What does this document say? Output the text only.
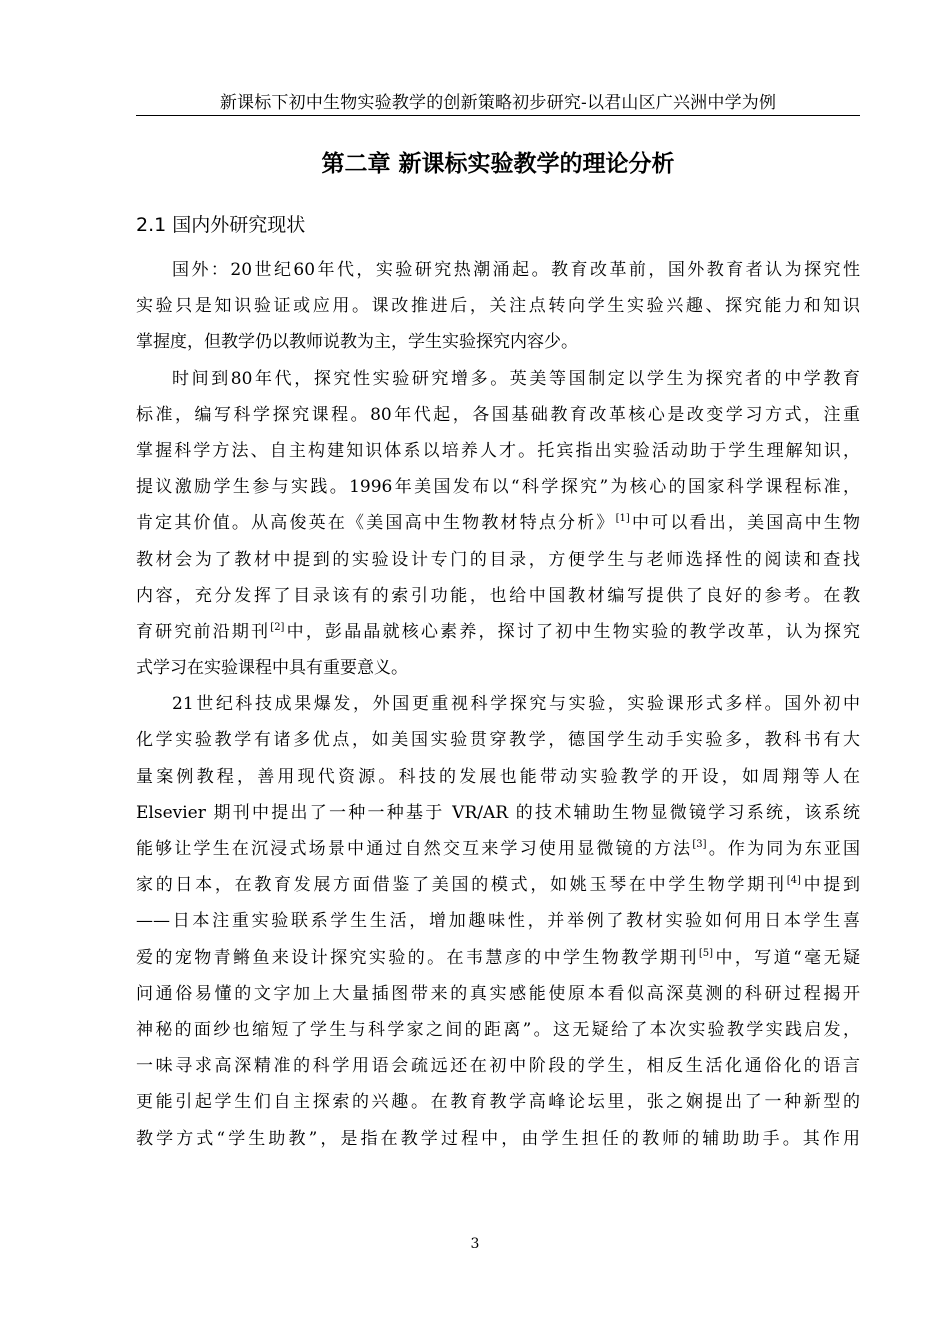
新课标下初中生物实验教学的创新策略初步研究-以君山区广兴洲中学为例
第二章 新课标实验教学的理论分析
2.1 国内外研究现状
国外：20世纪60年代，实验研究热潮涌起。教育改革前，国外教育者认为探究性
实验只是知识验证或应用。课改推进后，关注点转向学生实验兴趣、探究能力和知识
掌握度，但教学仍以教师说教为主，学生实验探究内容少。
时间到80年代，探究性实验研究增多。英美等国制定以学生为探究者的中学教育
标准，编写科学探究课程。80年代起，各国基础教育改革核心是改变学习方式，注重
掌握科学方法、自主构建知识体系以培养人才。托宾指出实验活动助于学生理解知识，
提议激励学生参与实践。1996年美国发布以“科学探究”为核心的国家科学课程标准，
肯定其价值。从高俊英在《美国高中生物教材特点分析》[1]中可以看出，美国高中生物
教材会为了教材中提到的实验设计专门的目录，方便学生与老师选择性的阅读和查找
内容，充分发挥了目录该有的索引功能，也给中国教材编写提供了良好的参考。在教
育研究前沿期刊[2]中，彭晶晶就核心素养，探讨了初中生物实验的教学改革，认为探究
式学习在实验课程中具有重要意义。
21世纪科技成果爆发，外国更重视科学探究与实验，实验课形式多样。国外初中
化学实验教学有诸多优点，如美国实验贯穿教学，德国学生动手实验多，教科书有大
量案例教程，善用现代资源。科技的发展也能带动实验教学的开设，如周翔等人在
Elsevier 期刊中提出了一种一种基于 VR/AR 的技术辅助生物显微镜学习系统，该系统
能够让学生在沉浸式场景中通过自然交互来学习使用显微镜的方法[3]。作为同为东亚国
家的日本，在教育发展方面借鉴了美国的模式，如姚玉琴在中学生物学期刊[4]中提到
——日本注重实验联系学生生活，增加趣味性，并举例了教材实验如何用日本学生喜
爱的宠物青鳉鱼来设计探究实验的。在韦慧彦的中学生物教学期刊[5]中，写道“毫无疑
问通俗易懂的文字加上大量插图带来的真实感能使原本看似高深莫测的科研过程揭开
神秘的面纱也缩短了学生与科学家之间的距离”。这无疑给了本次实验教学实践启发，
一味寻求高深精准的科学用语会疏远还在初中阶段的学生，相反生活化通俗化的语言
更能引起学生们自主探索的兴趣。在教育教学高峰论坛里，张之娴提出了一种新型的
教学方式“学生助教”，是指在教学过程中，由学生担任的教师的辅助助手。其作用
3
